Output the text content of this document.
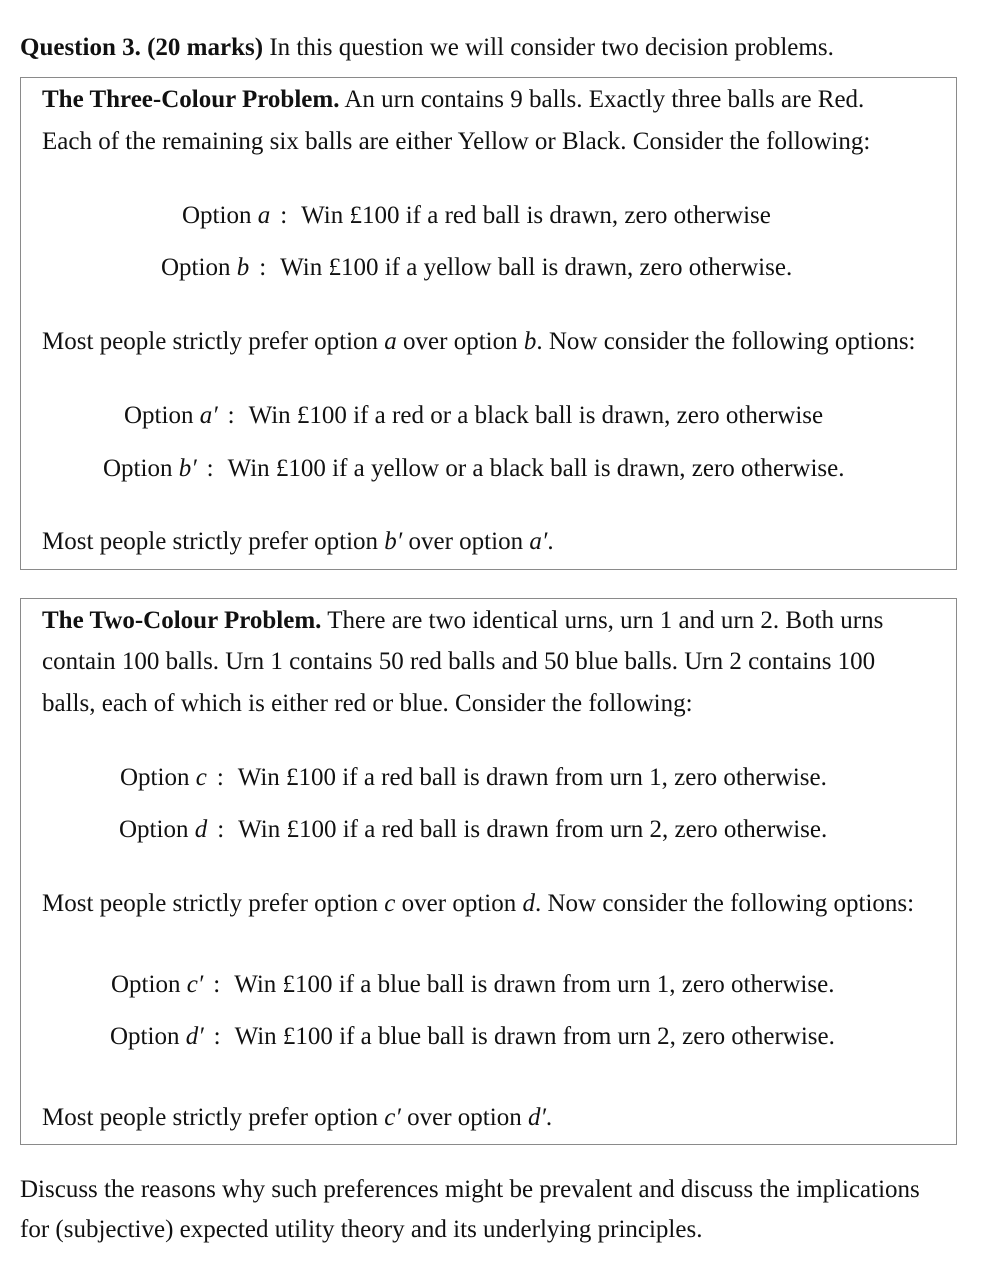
Question 3. (20 marks) In this question we will consider two decision problems.
The Three-Colour Problem. An urn contains 9 balls. Exactly three balls are Red.
Each of the remaining six balls are either Yellow or Black. Consider the following:
Option a : Win £100 if a red ball is drawn, zero otherwise
Option b : Win £100 if a yellow ball is drawn, zero otherwise.
Most people strictly prefer option a over option b. Now consider the following options:
Option a′ : Win £100 if a red or a black ball is drawn, zero otherwise
Option b′ : Win £100 if a yellow or a black ball is drawn, zero otherwise.
Most people strictly prefer option b′ over option a′.
The Two-Colour Problem. There are two identical urns, urn 1 and urn 2. Both urns
contain 100 balls. Urn 1 contains 50 red balls and 50 blue balls. Urn 2 contains 100
balls, each of which is either red or blue. Consider the following:
Option c : Win £100 if a red ball is drawn from urn 1, zero otherwise.
Option d : Win £100 if a red ball is drawn from urn 2, zero otherwise.
Most people strictly prefer option c over option d. Now consider the following options:
Option c′ : Win £100 if a blue ball is drawn from urn 1, zero otherwise.
Option d′ : Win £100 if a blue ball is drawn from urn 2, zero otherwise.
Most people strictly prefer option c′ over option d′.
Discuss the reasons why such preferences might be prevalent and discuss the implications
for (subjective) expected utility theory and its underlying principles.
